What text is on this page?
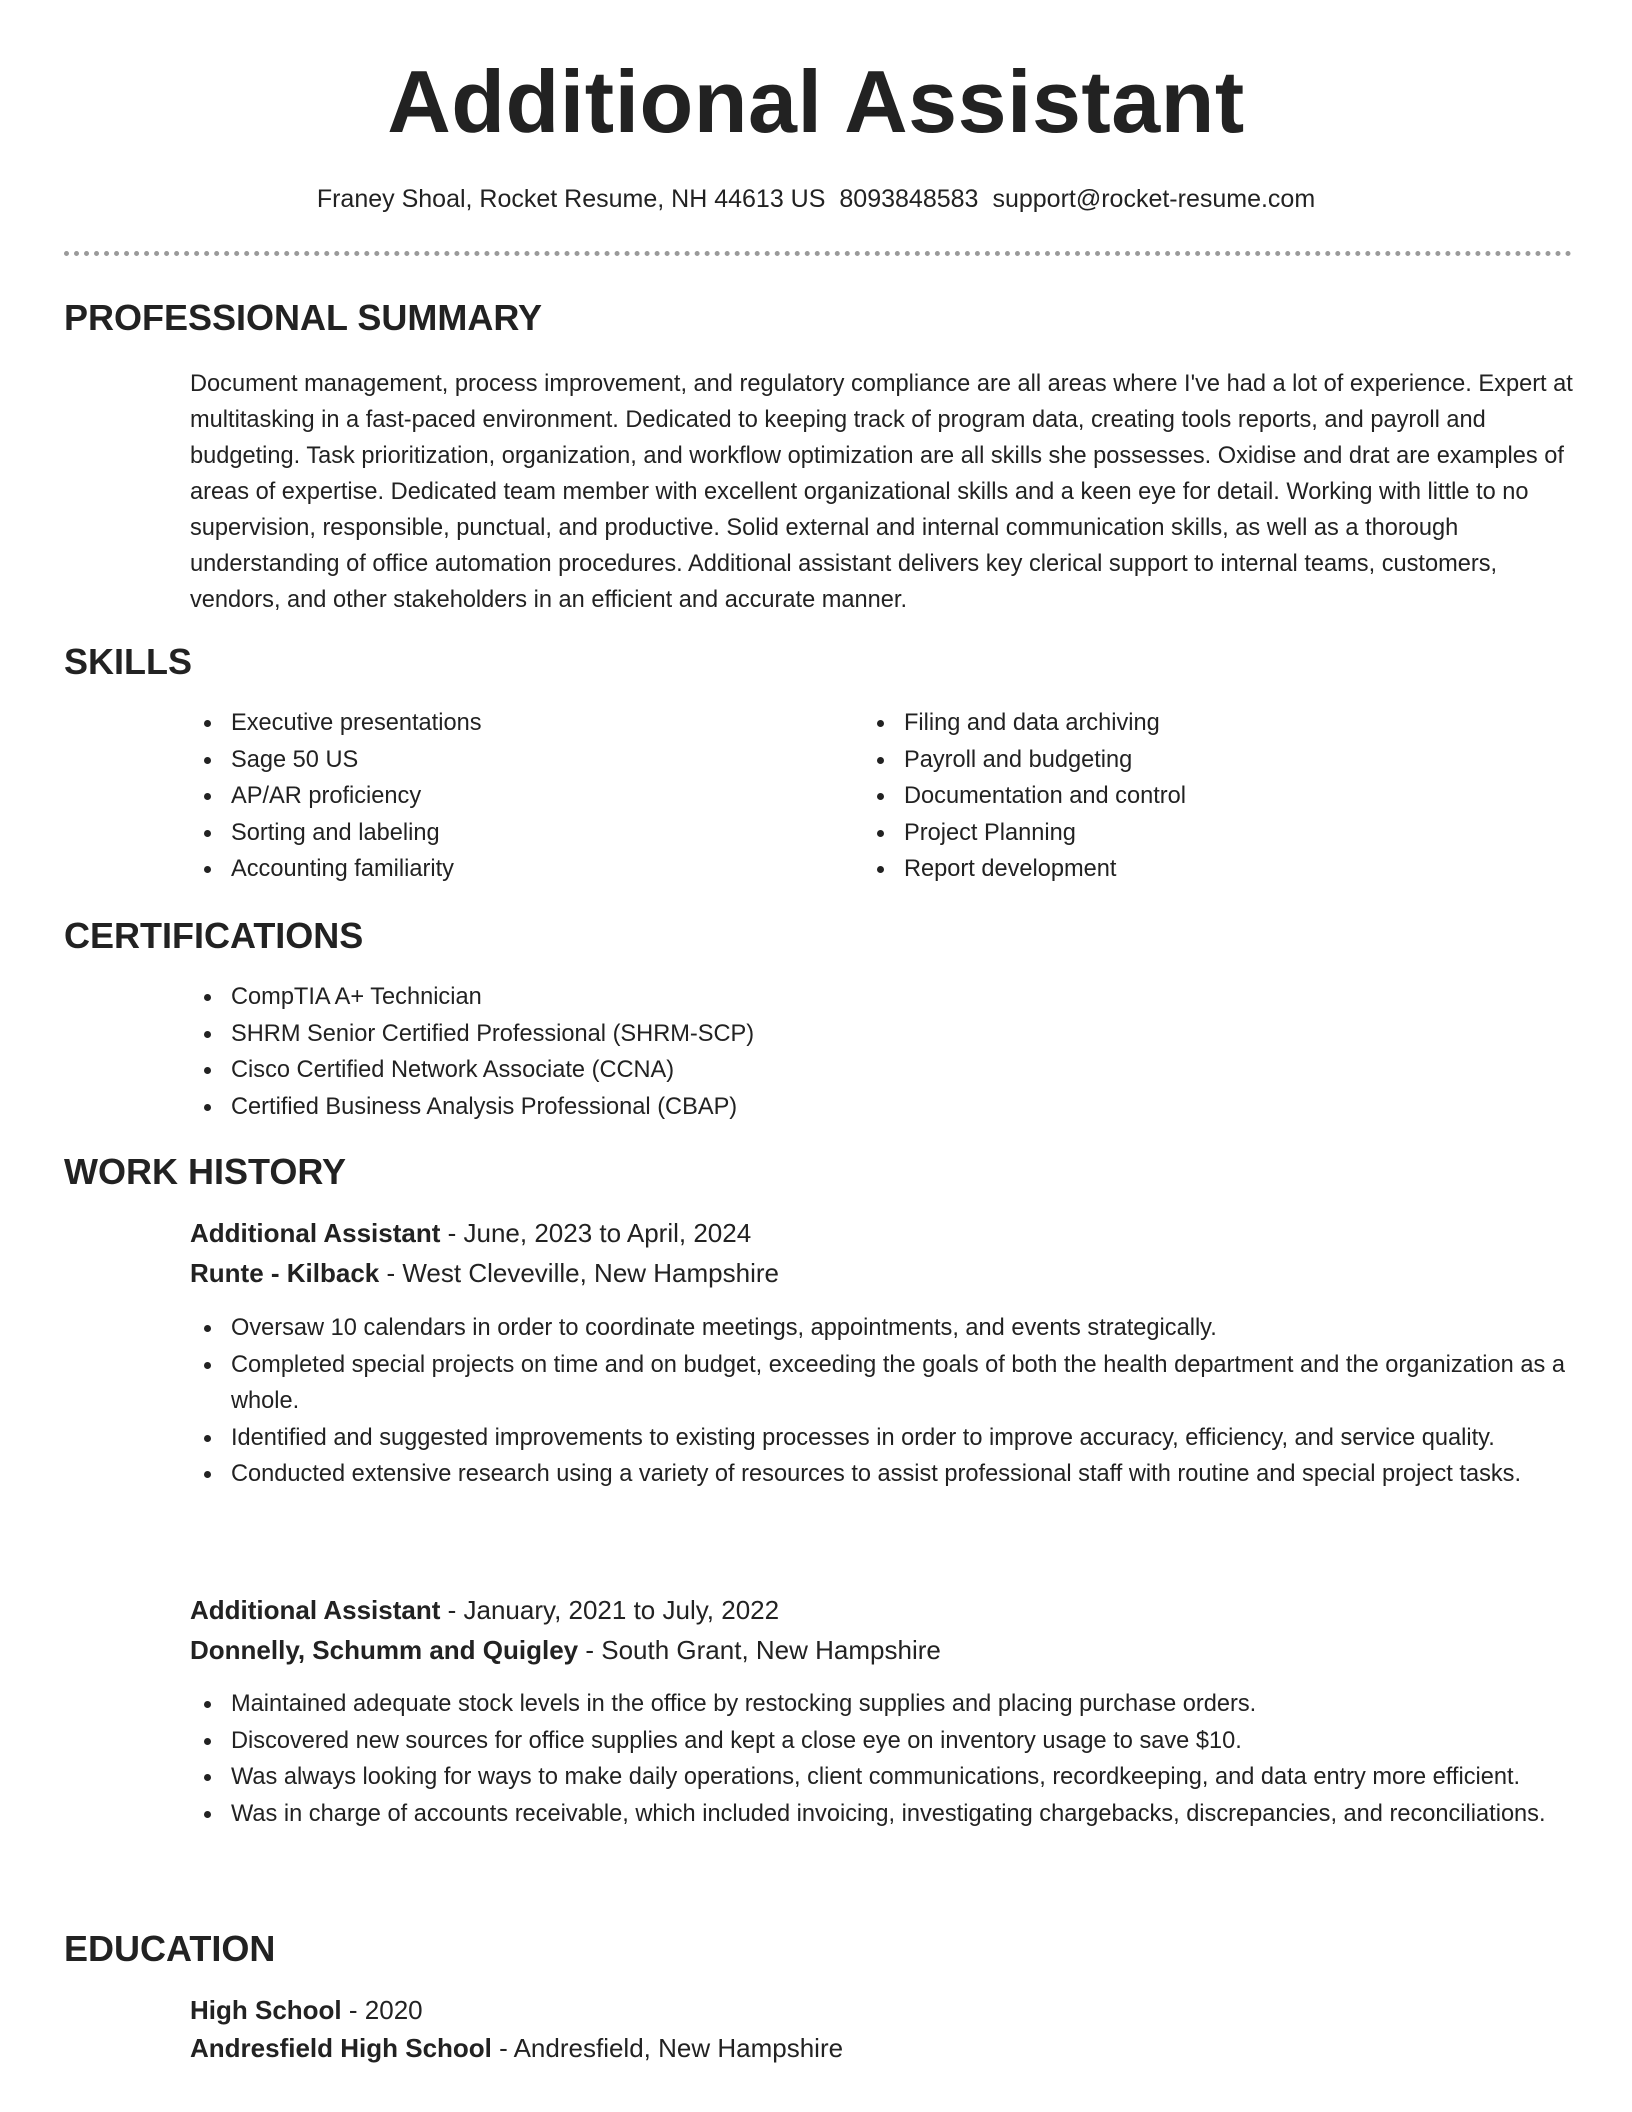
Additional Assistant
Franey Shoal, Rocket Resume, NH 44613 US 8093848583 support@rocket-resume.com
PROFESSIONAL SUMMARY

Document management, process improvement, and regulatory compliance are all areas where I've had a lot of experience. Expert at multitasking in a fast-paced environment. Dedicated to keeping track of program data, creating tools reports, and payroll and budgeting. Task prioritization, organization, and workflow optimization are all skills she possesses. Oxidise and drat are examples of areas of expertise. Dedicated team member with excellent organizational skills and a keen eye for detail. Working with little to no supervision, responsible, punctual, and productive. Solid external and internal communication skills, as well as a thorough understanding of office automation procedures. Additional assistant delivers key clerical support to internal teams, customers, vendors, and other stakeholders in an efficient and accurate manner.

SKILLS
Executive presentations
Sage 50 US
AP/AR proficiency
Sorting and labeling
Accounting familiarity
Filing and data archiving
Payroll and budgeting
Documentation and control
Project Planning
Report development
CERTIFICATIONS
CompTIA A+ Technician
SHRM Senior Certified Professional (SHRM-SCP)
Cisco Certified Network Associate (CCNA)
Certified Business Analysis Professional (CBAP)
WORK HISTORY
Additional Assistant - June, 2023 to April, 2024
Runte - Kilback - West Cleveville, New Hampshire
Oversaw 10 calendars in order to coordinate meetings, appointments, and events strategically.
Completed special projects on time and on budget, exceeding the goals of both the health department and the organization as a whole.
Identified and suggested improvements to existing processes in order to improve accuracy, efficiency, and service quality.
Conducted extensive research using a variety of resources to assist professional staff with routine and special project tasks.
Additional Assistant - January, 2021 to July, 2022
Donnelly, Schumm and Quigley - South Grant, New Hampshire
Maintained adequate stock levels in the office by restocking supplies and placing purchase orders.
Discovered new sources for office supplies and kept a close eye on inventory usage to save $10.
Was always looking for ways to make daily operations, client communications, recordkeeping, and data entry more efficient.
Was in charge of accounts receivable, which included invoicing, investigating chargebacks, discrepancies, and reconciliations.
EDUCATION
High School - 2020
Andresfield High School - Andresfield, New Hampshire
